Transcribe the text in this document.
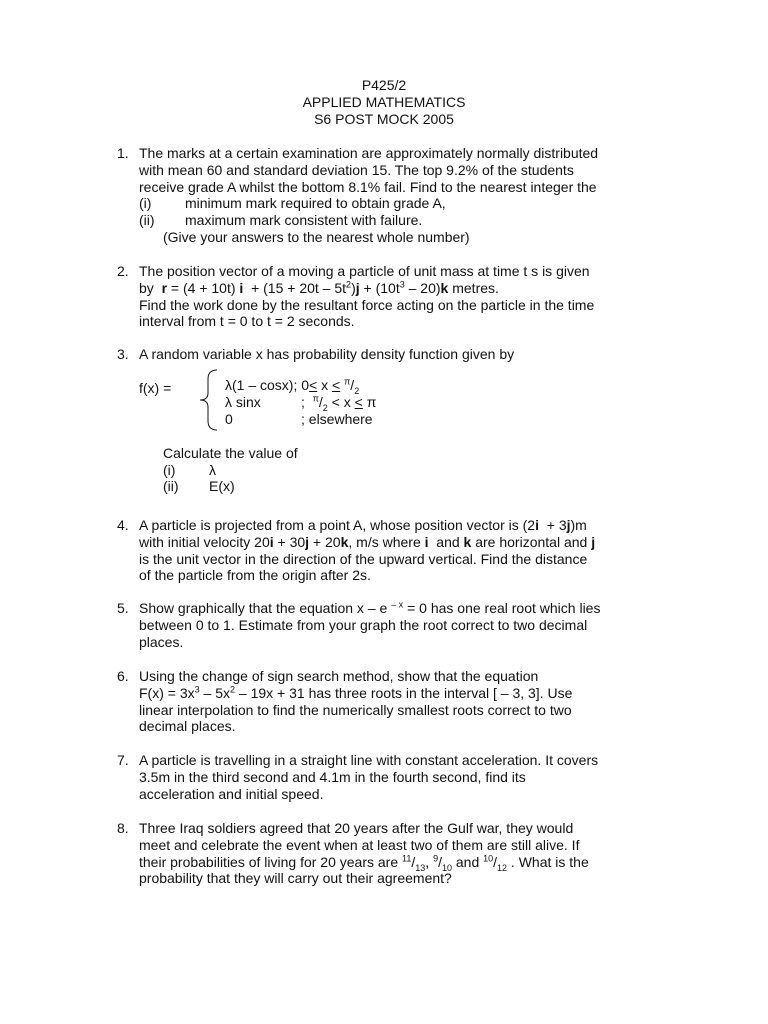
P425/2
APPLIED MATHEMATICS
S6 POST MOCK 2005
1. The marks at a certain examination are approximately normally distributed
with mean 60 and standard deviation 15. The top 9.2% of the students
receive grade A whilst the bottom 8.1% fail. Find to the nearest integer the
(i) minimum mark required to obtain grade A,
(ii) maximum mark consistent with failure.
(Give your answers to the nearest whole number)
2. The position vector of a moving a particle of unit mass at time t s is given
by  r = (4 + 10t) $i + (15 + 20t - 5t^2)j + (10t^3 - 20)k$ metres.
Find the work done by the resultant force acting on the particle in the time
interval from t = 0 to t = 2 seconds.
3. A random variable x has probability density function given by
f(x) =	λ(1 – cosx); $0< x < ^\pi/_2$
λ sinx	;  $^\pi/_2 < x < \pi$
0	; elsewhere
Calculate the value of
(i) λ
(ii) E(x)
4. A particle is projected from a point A, whose position vector is (2i  + 3j)m
with initial velocity 20i + 30j + 20k, m/s where i  and k are horizontal and j
is the unit vector in the direction of the upward vertical. Find the distance
of the particle from the origin after 2s.
5. Show graphically that the equation x – e $^{- x}$ = 0 has one real root which lies
between 0 to 1. Estimate from your graph the root correct to two decimal
places.
6. Using the change of sign search method, show that the equation
$F(x) = 3x^3 - 5x^2 - 19x + 31$ has three roots in the interval [ – 3, 3]. Use
linear interpolation to find the numerically smallest roots correct to two
decimal places.
7. A particle is travelling in a straight line with constant acceleration. It covers
3.5m in the third second and 4.1m in the fourth second, find its
acceleration and initial speed.
8. Three Iraq soldiers agreed that 20 years after the Gulf war, they would
meet and celebrate the event when at least two of them are still alive. If
their probabilities of living for 20 years are $^{11}/_{13}$, $^9/_{10}$ and $^{10}/_{12}$ . What is the
probability that they will carry out their agreement?
